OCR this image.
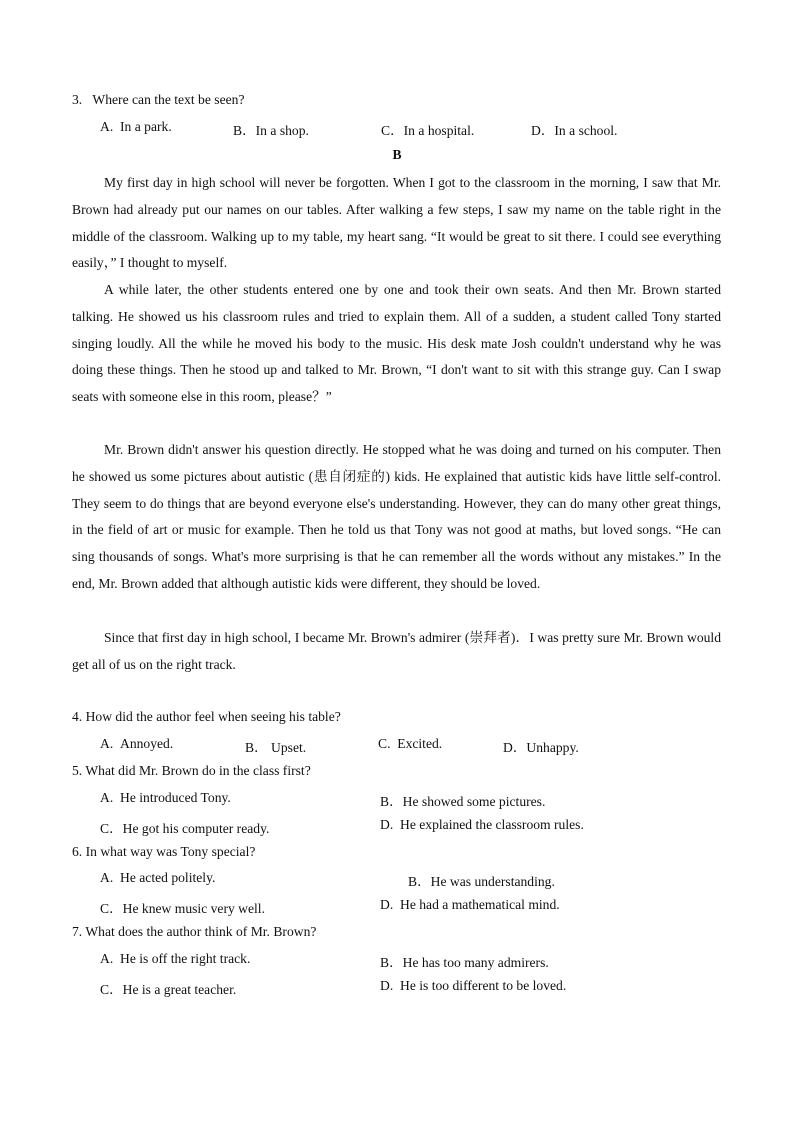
3.   Where can the text be seen?
A.  In a park.	B．In a shop.	C．In a hospital.	D．In a school.
B
My first day in high school will never be forgotten. When I got to the classroom in the morning, I saw that Mr. Brown had already put our names on our tables. After walking a few steps, I saw my name on the table right in the middle of the classroom. Walking up to my table, my heart sang. “It would be great to sit there. I could see everything easily，” I thought to myself.
A while later, the other students entered one by one and took their own seats. And then Mr. Brown started talking. He showed us his classroom rules and tried to explain them. All of a sudden, a student called Tony started singing loudly. All the while he moved his body to the music. His desk mate Josh couldn't understand why he was doing these things. Then he stood up and talked to Mr. Brown, “I don't want to sit with this strange guy. Can I swap seats with someone else in this room, please？”
Mr. Brown didn't answer his question directly. He stopped what he was doing and turned on his computer. Then he showed us some pictures about autistic (患自闭症的) kids. He explained that autistic kids have little self-control. They seem to do things that are beyond everyone else's understanding. However, they can do many other great things, in the field of art or music for example. Then he told us that Tony was not good at maths, but loved songs. “He can sing thousands of songs. What's more surprising is that he can remember all the words without any mistakes.” In the end, Mr. Brown added that although autistic kids were different, they should be loved.
Since that first day in high school, I became Mr. Brown's admirer (崇拜者)．I was pretty sure Mr. Brown would get all of us on the right track.
4. How did the author feel when seeing his table?
A.  Annoyed.	B． Upset.	C.  Excited.	D．Unhappy.
5. What did Mr. Brown do in the class first?
A.  He introduced Tony.	B．He showed some pictures.
C．He got his computer ready.	D.  He explained the classroom rules.
6. In what way was Tony special?
A.  He acted politely.	B．He was understanding.
C．He knew music very well.	D.  He had a mathematical mind.
7. What does the author think of Mr. Brown?
A.  He is off the right track.	B．He has too many admirers.
C．He is a great teacher.	D.  He is too different to be loved.
